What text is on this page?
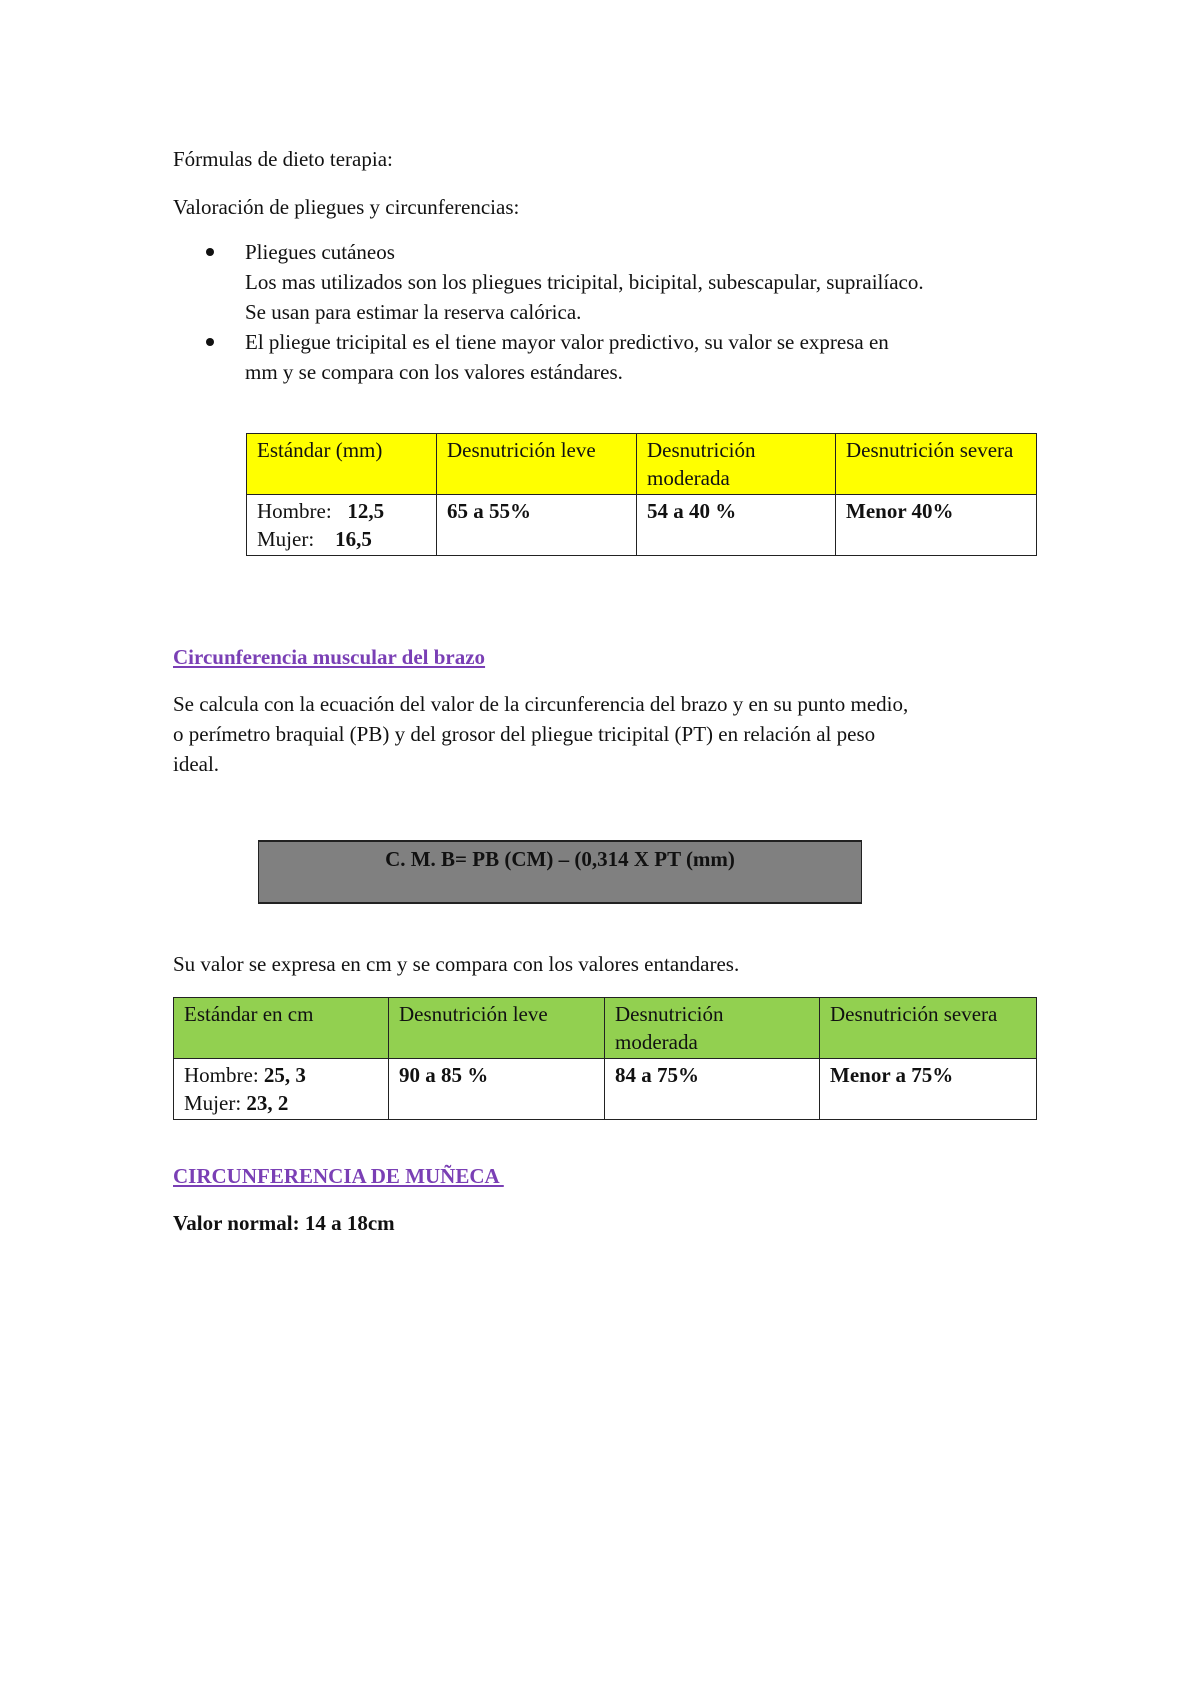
Fórmulas de dieto terapia:
Valoración de pliegues y circunferencias:
Pliegues cutáneos
Los mas utilizados son los pliegues tricipital, bicipital, subescapular, suprailíaco.
Se usan para estimar la reserva calórica.
El pliegue tricipital es el tiene mayor valor predictivo, su valor se expresa en
mm y se compara con los valores estándares.
Estándar (mm)	Desnutrición leve	Desnutrición moderada	Desnutrición severa

Hombre: 12,5
Mujer: 16,5	65 a 55%	54 a 40 %	Menor 40%
Circunferencia muscular del brazo
Se calcula con la ecuación del valor de la circunferencia del brazo y en su punto medio,
o perímetro braquial (PB) y del grosor del pliegue tricipital (PT) en relación al peso
ideal.
C. M. B= PB (CM) – (0,314 X PT (mm)
Su valor se expresa en cm y se compara con los valores entandares.
Estándar en cm	Desnutrición leve	Desnutrición moderada	Desnutrición severa

Hombre: 25, 3
Mujer: 23, 2	90 a 85 %	84 a 75%	Menor a 75%
CIRCUNFERENCIA DE MUÑECA
Valor normal: 14 a 18cm
